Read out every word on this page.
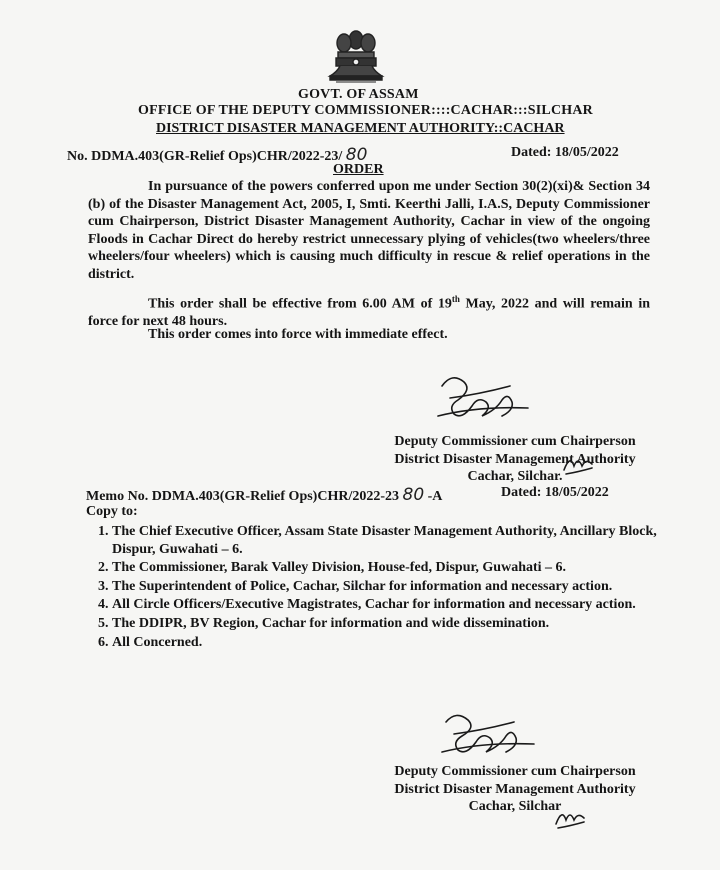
GOVT. OF ASSAM
OFFICE OF THE DEPUTY COMMISSIONER::::CACHAR:::SILCHAR
DISTRICT DISASTER MANAGEMENT AUTHORITY::CACHAR
No. DDMA.403(GR-Relief Ops)CHR/2022-23/ 80	Dated: 18/05/2022
ORDER
In pursuance of the powers conferred upon me under Section 30(2)(xi)& Section 34 (b) of the Disaster Management Act, 2005, I, Smti. Keerthi Jalli, I.A.S, Deputy Commissioner cum Chairperson, District Disaster Management Authority, Cachar in view of the ongoing Floods in Cachar Direct do hereby restrict unnecessary plying of vehicles(two wheelers/three wheelers/four wheelers) which is causing much difficulty in rescue & relief operations in the district.
This order shall be effective from 6.00 AM of 19th May, 2022 and will remain in force for next 48 hours.
This order comes into force with immediate effect.
Deputy Commissioner cum Chairperson
District Disaster Management Authority
Cachar, Silchar.
Memo No. DDMA.403(GR-Relief Ops)CHR/2022-23 80 -A	Dated: 18/05/2022
Copy to:
1. The Chief Executive Officer, Assam State Disaster Management Authority, Ancillary Block, Dispur, Guwahati – 6.
2. The Commissioner, Barak Valley Division, House-fed, Dispur, Guwahati – 6.
3. The Superintendent of Police, Cachar, Silchar for information and necessary action.
4. All Circle Officers/Executive Magistrates, Cachar for information and necessary action.
5. The DDIPR, BV Region, Cachar for information and wide dissemination.
6. All Concerned.
Deputy Commissioner cum Chairperson
District Disaster Management Authority
Cachar, Silchar
